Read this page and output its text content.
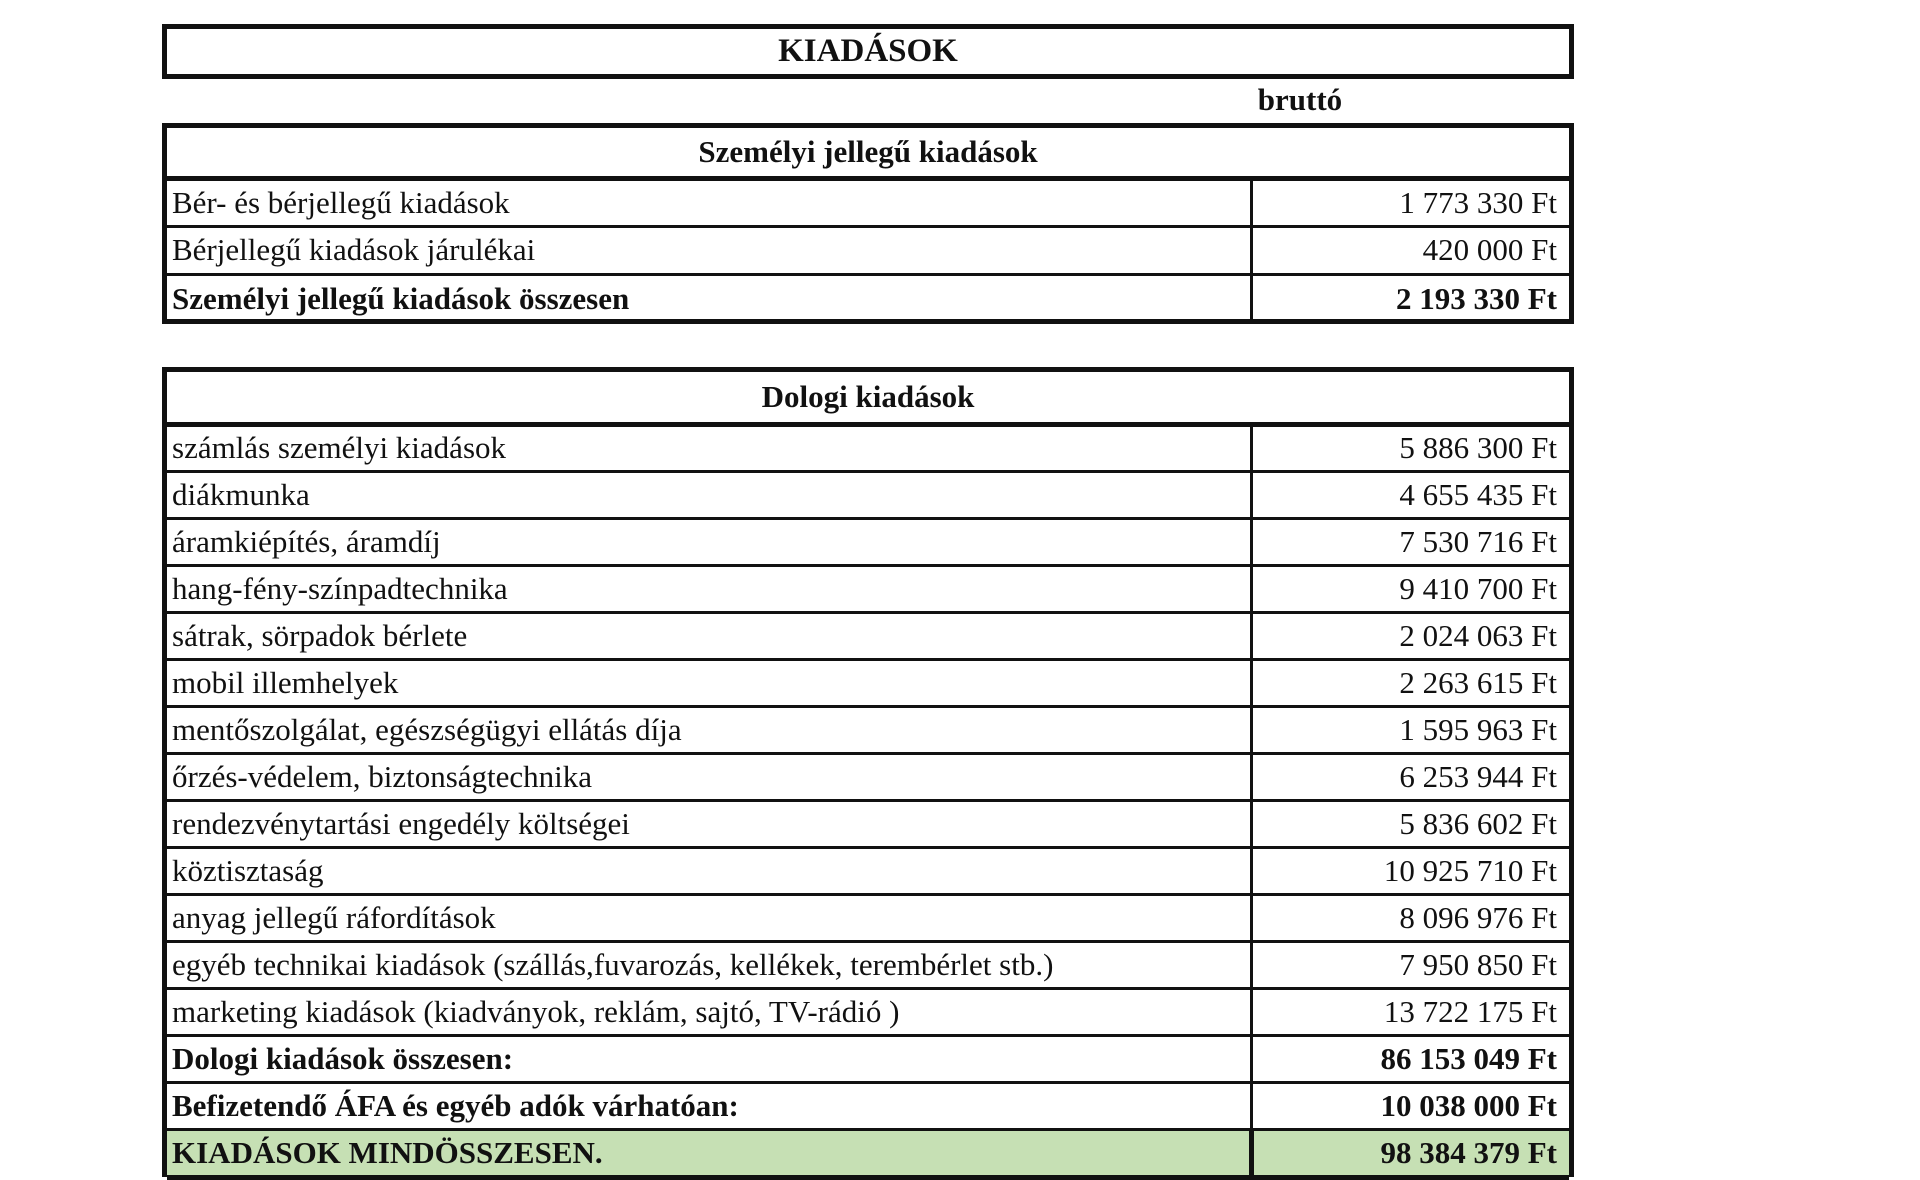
KIADÁSOK
bruttó
Személyi jellegű kiadások	
Bér- és bérjellegű kiadások	1 773 330 Ft
Bérjellegű kiadások járulékai	420 000 Ft
Személyi jellegű kiadások összesen	2 193 330 Ft
Dologi kiadások	
számlás személyi kiadások	5 886 300 Ft
diákmunka	4 655 435 Ft
áramkiépítés, áramdíj	7 530 716 Ft
hang-fény-színpadtechnika	9 410 700 Ft
sátrak, sörpadok bérlete	2 024 063 Ft
mobil illemhelyek	2 263 615 Ft
mentőszolgálat, egészségügyi ellátás díja	1 595 963 Ft
őrzés-védelem, biztonságtechnika	6 253 944 Ft
rendezvénytartási engedély költségei	5 836 602 Ft
köztisztaság	10 925 710 Ft
anyag jellegű ráfordítások	8 096 976 Ft
egyéb technikai kiadások (szállás,fuvarozás, kellékek, terembérlet stb.)	7 950 850 Ft
marketing kiadások (kiadványok, reklám, sajtó, TV-rádió )	13 722 175 Ft
Dologi kiadások összesen:	86 153 049 Ft
Befizetendő ÁFA és egyéb adók várhatóan:	10 038 000 Ft
KIADÁSOK MINDÖSSZESEN.	98 384 379 Ft
